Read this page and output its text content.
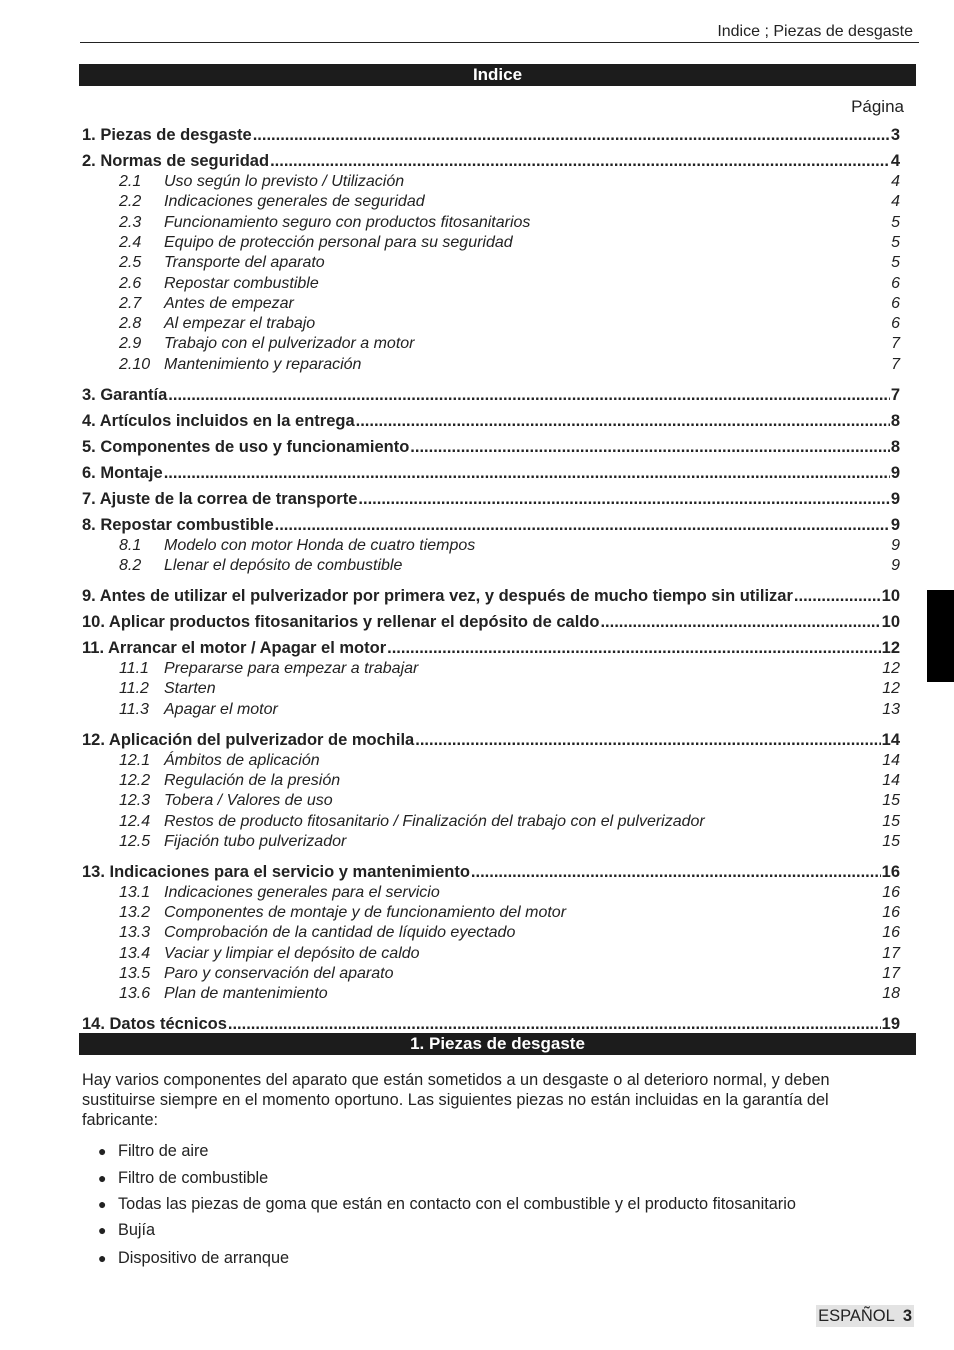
Indice ; Piezas de desgaste
Indice
Página
1. Piezas de desgaste .....	3
2. Normas de seguridad .....	4
2.1 Uso según lo previsto / Utilización	4
2.2 Indicaciones generales de seguridad	4
2.3 Funcionamiento seguro con productos fitosanitarios	5
2.4 Equipo de protección personal para su seguridad	5
2.5 Transporte del aparato	5
2.6 Repostar combustible	6
2.7 Antes de empezar	6
2.8 Al empezar el trabajo	6
2.9 Trabajo con el pulverizador a motor	7
2.10 Mantenimiento y reparación	7
3. Garantía .....	7
4. Artículos incluidos en la entrega .....	8
5. Componentes de uso y funcionamiento .....	8
6. Montaje .....	9
7. Ajuste de la correa de transporte .....	9
8. Repostar combustible .....	9
8.1 Modelo con motor Honda de cuatro tiempos	9
8.2 Llenar el depósito de combustible	9
9. Antes de utilizar el pulverizador por primera vez, y después de mucho tiempo sin utilizar .....	10
10. Aplicar productos fitosanitarios y rellenar el depósito de caldo .....	10
11. Arrancar el motor / Apagar el motor .....	12
11.1 Prepararse para empezar a trabajar	12
11.2 Starten	12
11.3 Apagar el motor	13
12. Aplicación del pulverizador de mochila .....	14
12.1 Ámbitos de aplicación	14
12.2 Regulación de la presión	14
12.3 Tobera / Valores de uso	15
12.4 Restos de producto fitosanitario / Finalización del trabajo con el pulverizador	15
12.5 Fijación tubo pulverizador	15
13. Indicaciones para el servicio y mantenimiento .....	16
13.1 Indicaciones generales para el servicio	16
13.2 Componentes de montaje y de funcionamiento del motor	16
13.3 Comprobación de la cantidad de líquido eyectado	16
13.4 Vaciar y limpiar el depósito de caldo	17
13.5 Paro y conservación del aparato	17
13.6 Plan de mantenimiento	18
14. Datos técnicos .....	19
1. Piezas de desgaste
Hay varios componentes del aparato que están sometidos a un desgaste o al deterioro normal, y deben sustituirse siempre en el momento oportuno. Las siguientes piezas no están incluidas en la garantía del fabricante:
● Filtro de aire
● Filtro de combustible
● Todas las piezas de goma que están en contacto con el combustible y el producto fitosanitario
● Bujía
● Dispositivo de arranque
ESPAÑOL 3
